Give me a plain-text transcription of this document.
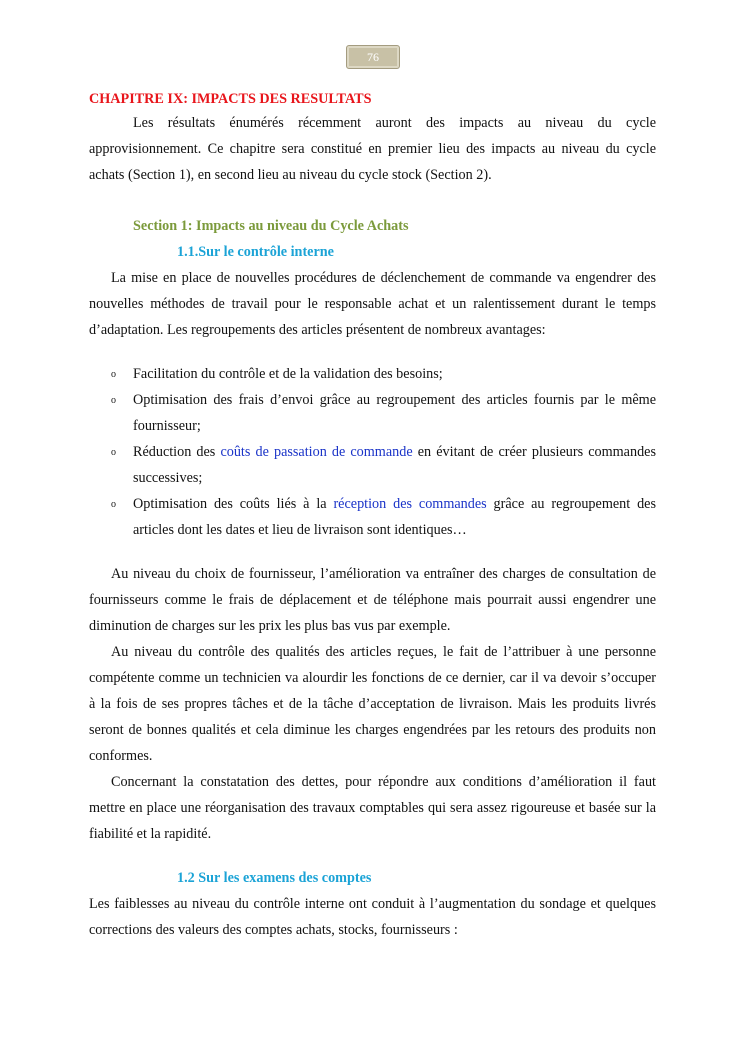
76
CHAPITRE IX: IMPACTS DES RESULTATS

Les résultats énumérés récemment auront des impacts au niveau du cycle approvisionnement. Ce chapitre sera constitué en premier lieu des impacts au niveau du cycle achats (Section 1), en second lieu au niveau du cycle stock (Section 2).

Section 1: Impacts au niveau du Cycle Achats
1.1.Sur le contrôle interne

La mise en place de nouvelles procédures de déclenchement de commande va engendrer des nouvelles méthodes de travail pour le responsable achat et un ralentissement durant le temps d’adaptation. Les regroupements des articles présentent de nombreux avantages:

o Facilitation du contrôle et de la validation des besoins;
o Optimisation des frais d’envoi grâce au regroupement des articles fournis par le même fournisseur;
o Réduction des coûts de passation de commande en évitant de créer plusieurs commandes successives;
o Optimisation des coûts liés à la réception des commandes grâce au regroupement des articles dont les dates et lieu de livraison sont identiques…

Au niveau du choix de fournisseur, l’amélioration va entraîner des charges de consultation de fournisseurs comme le frais de déplacement et de téléphone mais pourrait aussi engendrer une diminution de charges sur les prix les plus bas vus par exemple.

Au niveau du contrôle des qualités des articles reçues, le fait de l’attribuer à une personne compétente comme un technicien va alourdir les fonctions de ce dernier, car il va devoir s’occuper à la fois de ses propres tâches et de la tâche d’acceptation de livraison. Mais les produits livrés seront de bonnes qualités et cela diminue les charges engendrées par les retours des produits non conformes.

Concernant la constatation des dettes, pour répondre aux conditions d’amélioration il faut mettre en place une réorganisation des travaux comptables qui sera assez rigoureuse et basée sur la fiabilité et la rapidité.

1.2 Sur les examens des comptes

Les faiblesses au niveau du contrôle interne ont conduit à l’augmentation du sondage et quelques corrections des valeurs des comptes achats, stocks, fournisseurs :
